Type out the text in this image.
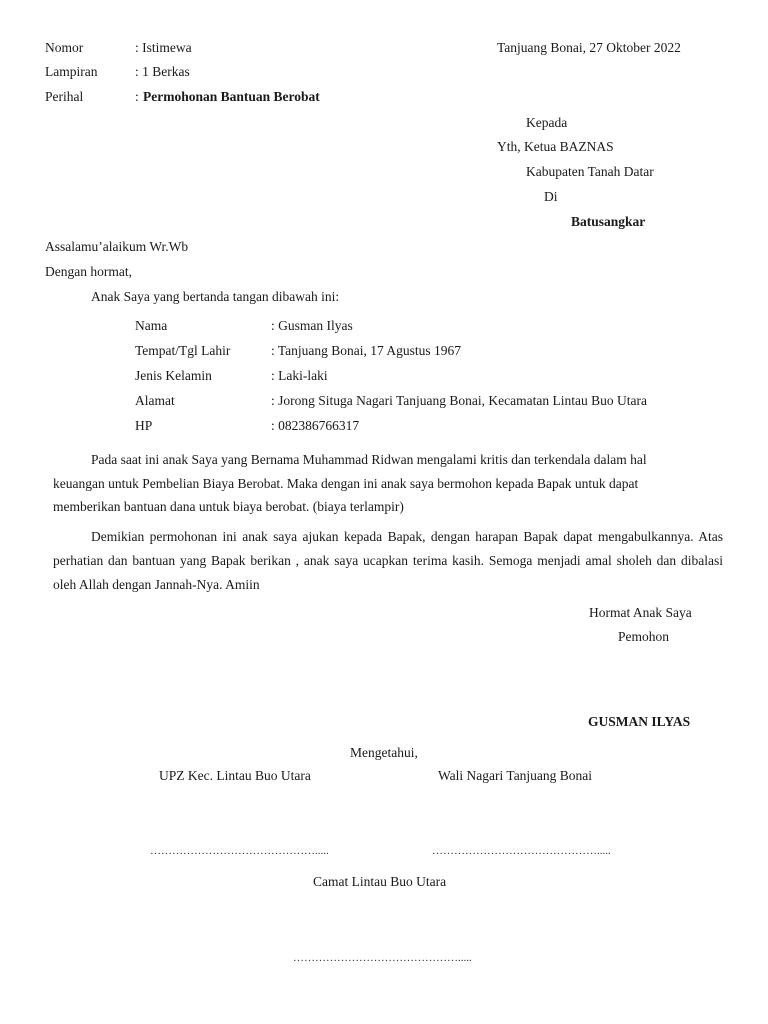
Nomor	: Istimewa	Tanjuang Bonai, 27 Oktober 2022
Lampiran	: 1 Berkas
Perihal	: Permohonan Bantuan Berobat
Kepada
Yth, Ketua BAZNAS
Kabupaten Tanah Datar
Di
Batusangkar
Assalamu’alaikum Wr.Wb
Dengan hormat,
Anak Saya yang bertanda tangan dibawah ini:
Nama	: Gusman Ilyas
Tempat/Tgl Lahir	: Tanjuang Bonai, 17 Agustus 1967
Jenis Kelamin	: Laki-laki
Alamat	: Jorong Situga Nagari Tanjuang Bonai, Kecamatan Lintau Buo Utara
HP	: 082386766317
Pada saat ini anak Saya yang Bernama Muhammad Ridwan mengalami kritis dan terkendala dalam hal
keuangan untuk Pembelian Biaya Berobat. Maka dengan ini anak saya bermohon kepada Bapak untuk dapat
memberikan bantuan dana untuk biaya berobat. (biaya terlampir)
Demikian permohonan ini anak saya ajukan kepada Bapak, dengan harapan Bapak dapat mengabulkannya. Atas perhatian dan bantuan yang Bapak berikan , anak saya ucapkan terima kasih. Semoga menjadi amal sholeh dan dibalasi oleh Allah dengan Jannah-Nya. Amiin
Hormat Anak Saya
Pemohon
GUSMAN ILYAS
Mengetahui,
UPZ Kec. Lintau Buo Utara	Wali Nagari Tanjuang Bonai
……………………………………….....	……………………………………….....
Camat Lintau Buo Utara
……………………………………….....
